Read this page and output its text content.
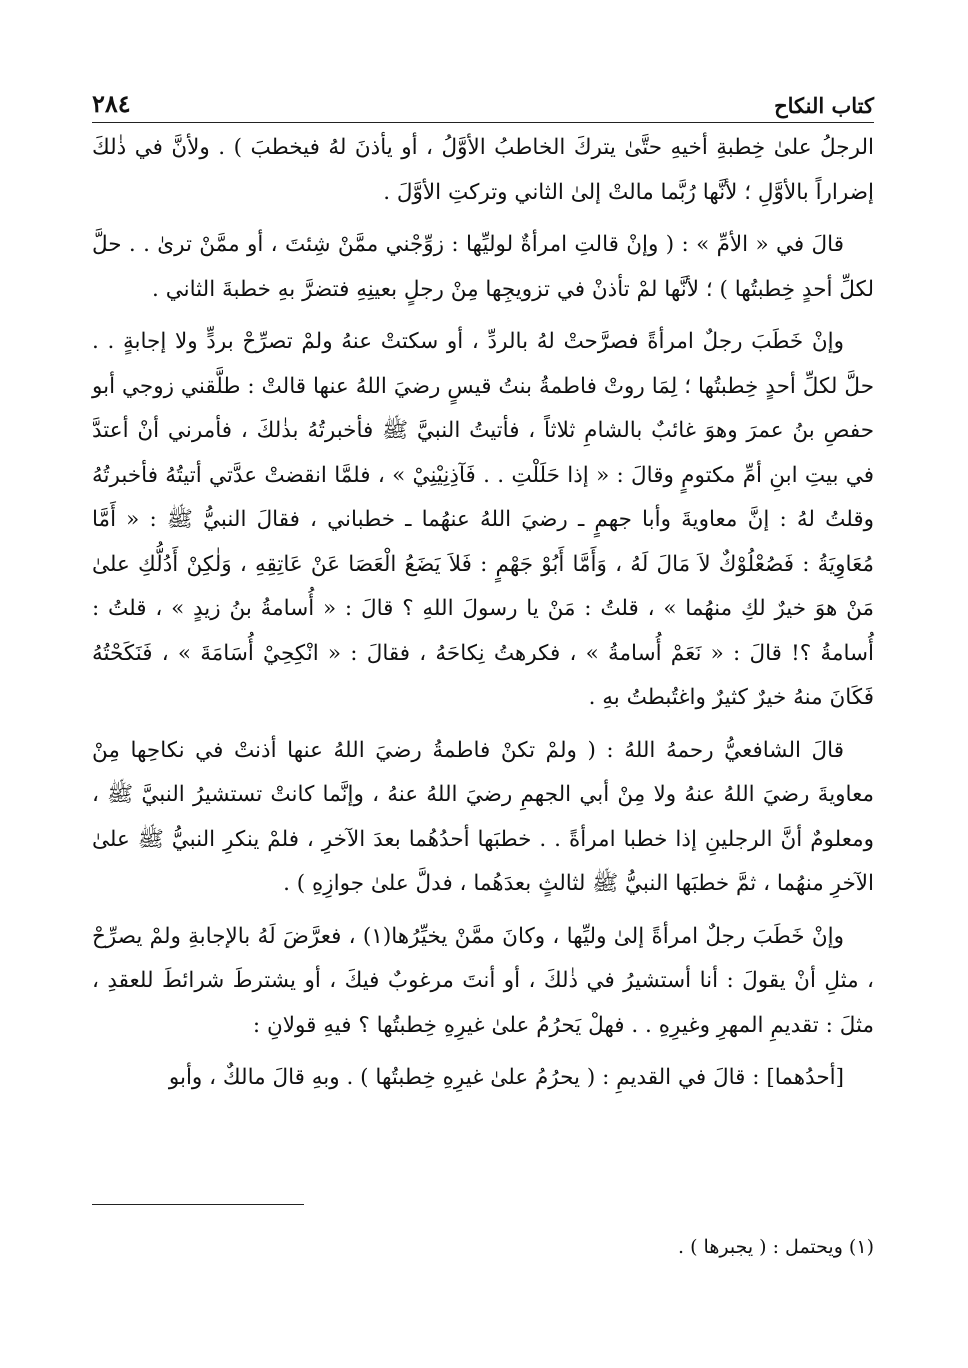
كتاب النكاح
٢٨٤

الرجلُ علىٰ خِطبةِ أخيهِ حتَّىٰ يتركَ الخاطبُ الأوَّلُ ، أو يأذنَ لهُ فيخطبَ ) . ولأنَّ في ذٰلكَ إضراراً بالأوَّلِ ؛ لأنَّها رُبَّما مالتْ إلىٰ الثاني وتركتِ الأوَّلَ .

قالَ في « الأمِّ » : ( وإنْ قالتِ امرأةٌ لوليِّها : زوِّجْني ممَّنْ شِئتَ ، أو ممَّنْ ترىٰ . . حلَّ لكلِّ أحدٍ خِطبتُها ) ؛ لأنَّها لمْ تأذنْ في تزويجِها مِنْ رجلٍ بعينِهِ فتضرَّ بهِ خطبةَ الثاني .

وإنْ خَطَبَ رجلٌ امرأةً فصرَّحتْ لهُ بالردِّ ، أو سكتتْ عنهُ ولمْ تصرِّحْ بردٍّ ولا إجابةٍ . . حلَّ لكلِّ أحدٍ خِطبتُها ؛ لِمَا روتْ فاطمةُ بنتُ قيسٍ رضيَ اللهُ عنها قالتْ : طلَّقني زوجي أبو حفصِ بنُ عمرَ وهوَ غائبٌ بالشامِ ثلاثاً ، فأتيتُ النبيَّ ﷺ فأخبرتُهُ بذٰلكَ ، فأمرني أنْ أعتدَّ في بيتِ ابنِ أمِّ مكتومٍ وقالَ : « إذا حَلَلْتِ . . فَآذِنِيْنِيْ » ، فلمَّا انقضتْ عدَّتي أتيتُهُ فأخبرتُهُ وقلتُ لهُ : إنَّ معاويةَ وأبا جهمٍ ـ رضيَ اللهُ عنهُما ـ خطباني ، فقالَ النبيُّ ﷺ : « أَمَّا مُعَاوِيَةُ : فَصُعْلُوْكٌ لاَ مَالَ لَهُ ، وَأَمَّا أَبُوْ جَهْمٍ : فَلاَ يَضَعُ الْعَصَا عَنْ عَاتِقِهِ ، وَلٰكِنْ أَدُلُّكِ علىٰ مَنْ هوَ خيرٌ لكِ منهُما » ، قلتُ : مَنْ يا رسولَ اللهِ ؟ قالَ : « أُسامةُ بنُ زيدٍ » ، قلتُ : أُسامةُ ؟! قالَ : « نَعَمْ أُسامةُ » ، فكرهتُ نِكاحَهُ ، فقالَ : « انْكِحِيْ أُسَامَةَ » ، فَنَكَحْتُهُ فَكَانَ منهُ خيرٌ كثيرٌ واغتُبطتُ بهِ .

قالَ الشافعيُّ رحمهُ اللهُ : ( ولمْ تكنْ فاطمةُ رضيَ اللهُ عنها أذنتْ في نكاحِها مِنْ معاويةَ رضيَ اللهُ عنهُ ولا مِنْ أبي الجهمِ رضيَ اللهُ عنهُ ، وإنَّما كانتْ تستشيرُ النبيَّ ﷺ ، ومعلومٌ أنَّ الرجلينِ إذا خطبا امرأةً . . خطبَها أحدُهُما بعدَ الآخرِ ، فلمْ ينكرِ النبيُّ ﷺ علىٰ الآخرِ منهُما ، ثمَّ خطبَها النبيُّ ﷺ لثالثٍ بعدَهُما ، فدلَّ علىٰ جوازِهِ ) .

وإنْ خَطَبَ رجلٌ امرأةً إلىٰ وليِّها ، وكانَ ممَّنْ يخيِّرُها(١) ، فعرَّضَ لَهُ بالإجابةِ ولمْ يصرِّحْ ، مثلِ أنْ يقولَ : أنا أستشيرُ في ذٰلكَ ، أو أنتَ مرغوبٌ فيكَ ، أو يشترطَ شرائطَ للعقدِ ، مثلَ : تقديمِ المهرِ وغيرِهِ . . فهلْ يَحرُمُ علىٰ غيرِهِ خِطبتُها ؟ فيهِ قولانِ :

[أحدُهما] : قالَ في القديمِ : ( يحرُمُ علىٰ غيرِهِ خِطبتُها ) . وبهِ قالَ مالكٌ ، وأبو

(١) ويحتمل : ( يجبرها ) .
